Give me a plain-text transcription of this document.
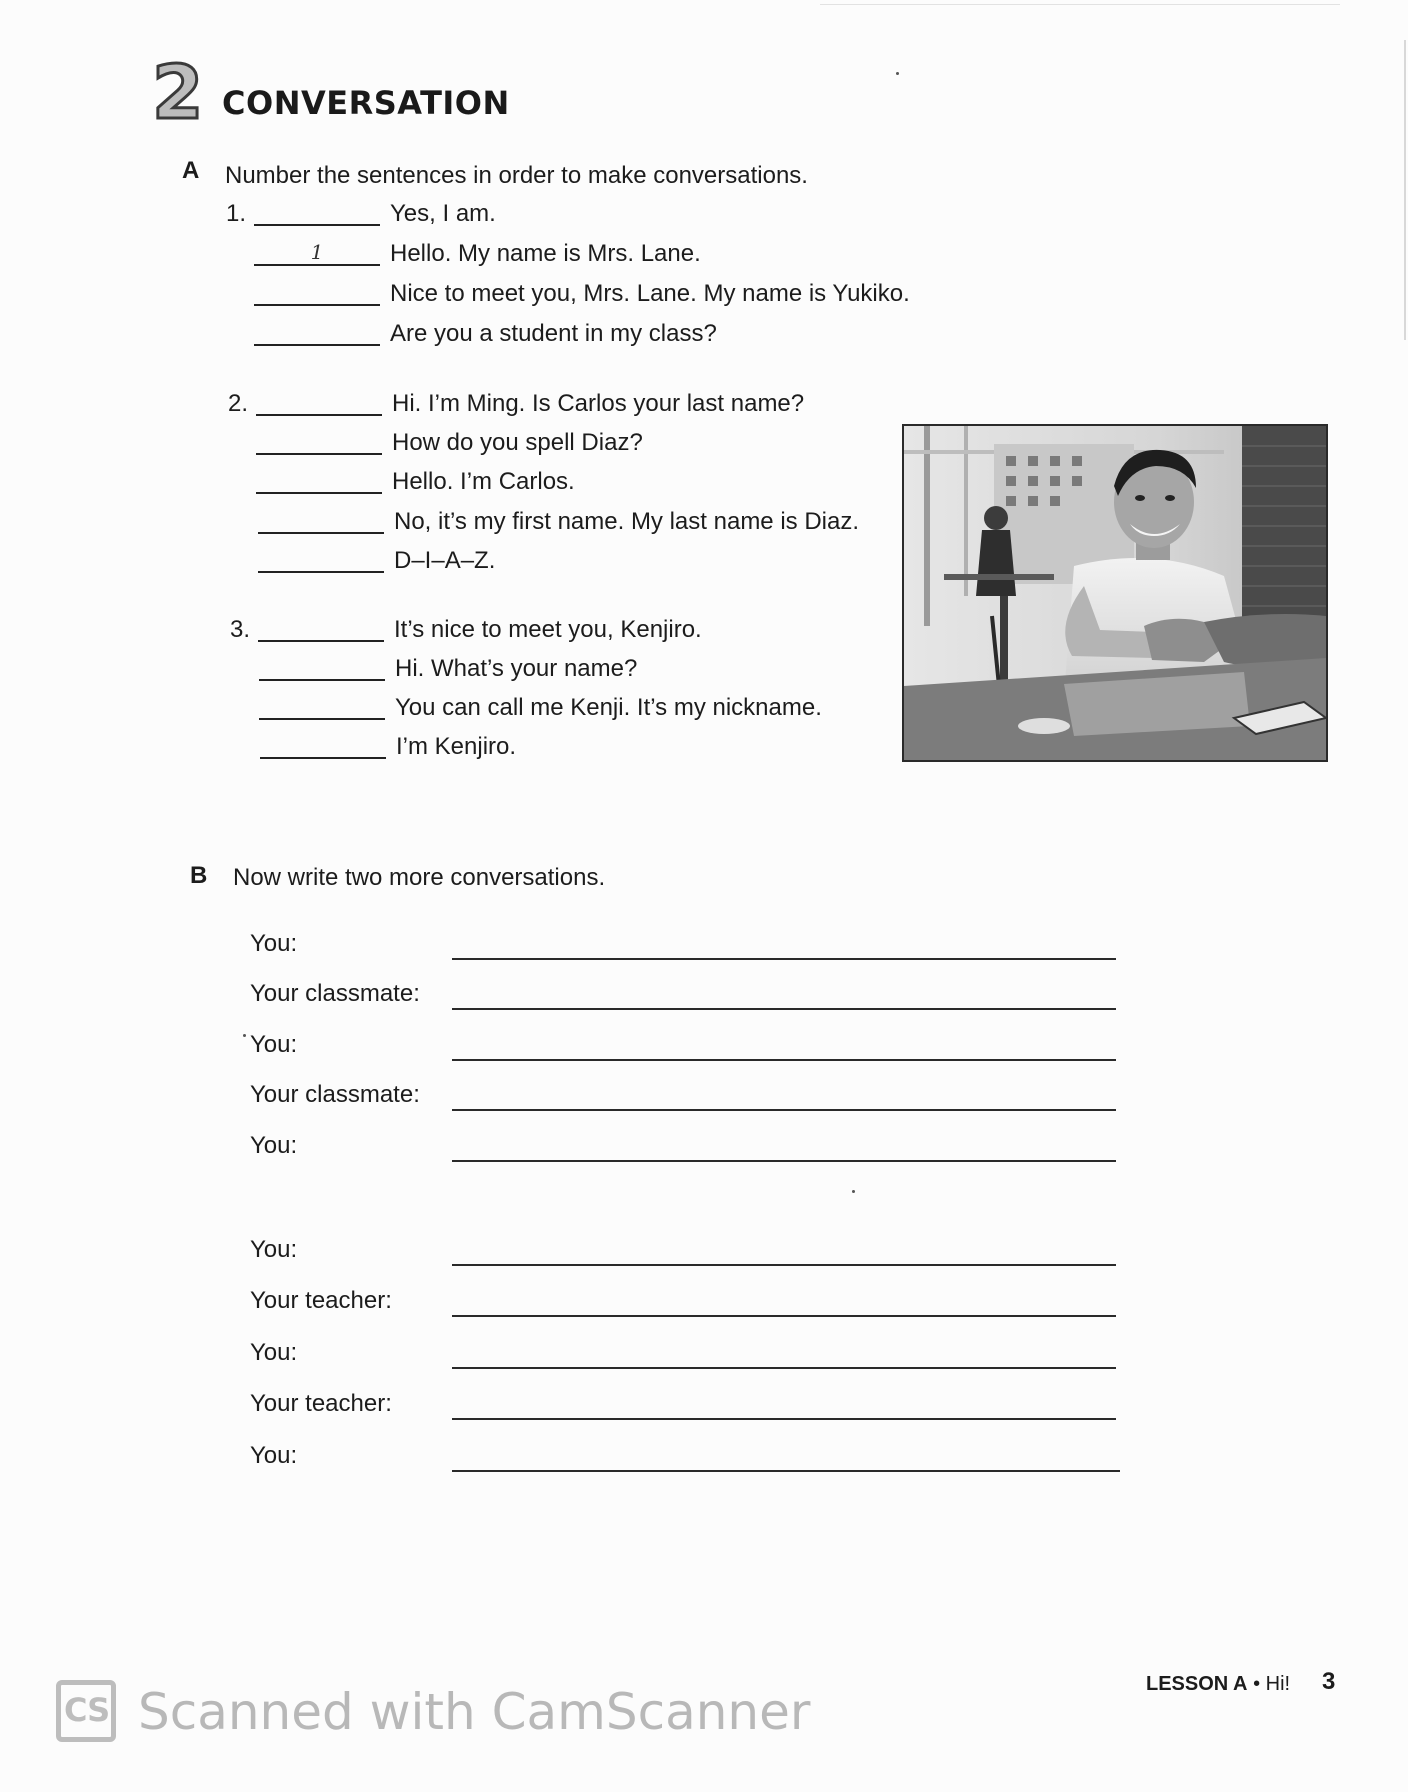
2 CONVERSATION
A Number the sentences in order to make conversations.
1.	Yes, I am.
1	Hello. My name is Mrs. Lane.
Nice to meet you, Mrs. Lane. My name is Yukiko.
Are you a student in my class?
2.	Hi. I’m Ming. Is Carlos your last name?
How do you spell Diaz?
Hello. I’m Carlos.
No, it’s my first name. My last name is Diaz.
D–I–A–Z.
3.	It’s nice to meet you, Kenjiro.
Hi. What’s your name?
You can call me Kenji. It’s my nickname.
I’m Kenjiro.
B Now write two more conversations.
You:
Your classmate:
You:
Your classmate:
You:
You:
Your teacher:
You:
Your teacher:
You:
LESSON A • Hi! 3
CS Scanned with CamScanner
